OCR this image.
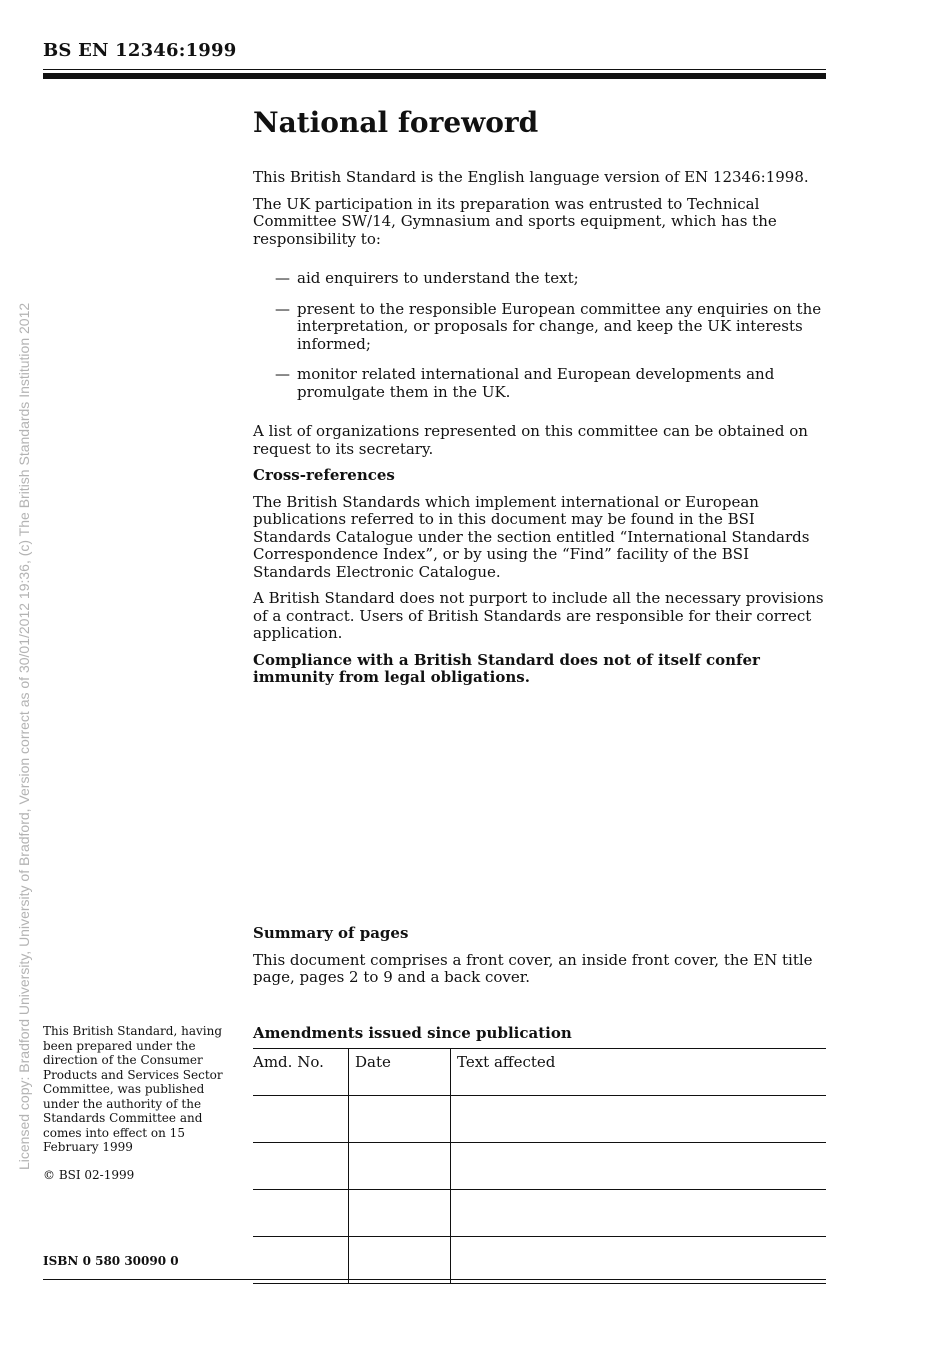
BS EN 12346:1999
Licensed copy: Bradford University, University of Bradford, Version correct as of 30/01/2012 19:36, (c) The British Standards Institution 2012
National foreword

This British Standard is the English language version of EN 12346:1998.

The UK participation in its preparation was entrusted to Technical Committee SW/14, Gymnasium and sports equipment, which has the responsibility to:

— aid enquirers to understand the text;
— present to the responsible European committee any enquiries on the interpretation, or proposals for change, and keep the UK interests informed;
— monitor related international and European developments and promulgate them in the UK.

A list of organizations represented on this committee can be obtained on request to its secretary.

Cross-references

The British Standards which implement international or European publications referred to in this document may be found in the BSI Standards Catalogue under the section entitled “International Standards Correspondence Index”, or by using the “Find” facility of the BSI Standards Electronic Catalogue.

A British Standard does not purport to include all the necessary provisions of a contract. Users of British Standards are responsible for their correct application.

Compliance with a British Standard does not of itself confer immunity from legal obligations.

Summary of pages

This document comprises a front cover, an inside front cover, the EN title page, pages 2 to 9 and a back cover.

Amendments issued since publication
Amd. No.	Date	Text affected

This British Standard, having been prepared under the direction of the Consumer Products and Services Sector Committee, was published under the authority of the Standards Committee and comes into effect on 15 February 1999
© BSI 02-1999
ISBN 0 580 30090 0
